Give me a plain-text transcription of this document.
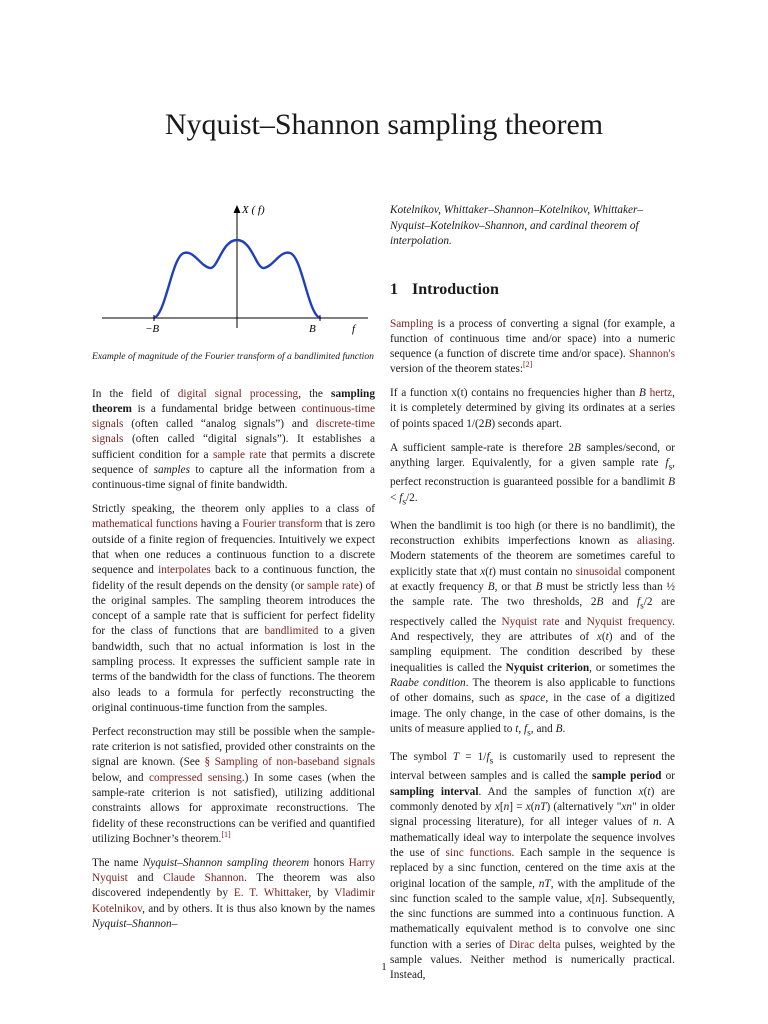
Nyquist–Shannon sampling theorem
X ( f)
−B	B	f
Example of magnitude of the Fourier transform of a bandlimited function

In the field of digital signal processing, the sampling theorem is a fundamental bridge between continuous-time signals (often called “analog signals”) and discrete-time signals (often called “digital signals”). It establishes a sufficient condition for a sample rate that permits a discrete sequence of samples to capture all the information from a continuous-time signal of finite bandwidth.

Strictly speaking, the theorem only applies to a class of mathematical functions having a Fourier transform that is zero outside of a finite region of frequencies. Intuitively we expect that when one reduces a continuous function to a discrete sequence and interpolates back to a continuous function, the fidelity of the result depends on the density (or sample rate) of the original samples. The sampling theorem introduces the concept of a sample rate that is sufficient for perfect fidelity for the class of functions that are bandlimited to a given bandwidth, such that no actual information is lost in the sampling process. It expresses the sufficient sample rate in terms of the bandwidth for the class of functions. The theorem also leads to a formula for perfectly reconstructing the original continuous-time function from the samples.

Perfect reconstruction may still be possible when the sample-rate criterion is not satisfied, provided other constraints on the signal are known. (See § Sampling of non-baseband signals below, and compressed sensing.) In some cases (when the sample-rate criterion is not satisfied), utilizing additional constraints allows for approximate reconstructions. The fidelity of these reconstructions can be verified and quantified utilizing Bochner’s theorem.[1]

The name Nyquist–Shannon sampling theorem honors Harry Nyquist and Claude Shannon. The theorem was also discovered independently by E. T. Whittaker, by Vladimir Kotelnikov, and by others. It is thus also known by the names Nyquist–Shannon–

Kotelnikov, Whittaker–Shannon–Kotelnikov, Whittaker–Nyquist–Kotelnikov–Shannon, and cardinal theorem of interpolation.
1 Introduction

Sampling is a process of converting a signal (for example, a function of continuous time and/or space) into a numeric sequence (a function of discrete time and/or space). Shannon's version of the theorem states:[2]

If a function x(t) contains no frequencies higher than B hertz, it is completely determined by giving its ordinates at a series of points spaced 1/(2B) seconds apart.

A sufficient sample-rate is therefore 2B samples/second, or anything larger. Equivalently, for a given sample rate $f_s$, perfect reconstruction is guaranteed possible for a bandlimit $B < f_s/2$.

When the bandlimit is too high (or there is no bandlimit), the reconstruction exhibits imperfections known as aliasing. Modern statements of the theorem are sometimes careful to explicitly state that x(t) must contain no sinusoidal component at exactly frequency B, or that B must be strictly less than ½ the sample rate. The two thresholds, 2B and $f_s/2$ are respectively called the Nyquist rate and Nyquist frequency. And respectively, they are attributes of x(t) and of the sampling equipment. The condition described by these inequalities is called the Nyquist criterion, or sometimes the Raabe condition. The theorem is also applicable to functions of other domains, such as space, in the case of a digitized image. The only change, in the case of other domains, is the units of measure applied to t, $f_s$, and B.

The symbol $T = 1/f_s$ is customarily used to represent the interval between samples and is called the sample period or sampling interval. And the samples of function x(t) are commonly denoted by x[n] = x(nT) (alternatively "xn" in older signal processing literature), for all integer values of n. A mathematically ideal way to interpolate the sequence involves the use of sinc functions. Each sample in the sequence is replaced by a sinc function, centered on the time axis at the original location of the sample, nT, with the amplitude of the sinc function scaled to the sample value, x[n]. Subsequently, the sinc functions are summed into a continuous function. A mathematically equivalent method is to convolve one sinc function with a series of Dirac delta pulses, weighted by the sample values. Neither method is numerically practical. Instead,

1
